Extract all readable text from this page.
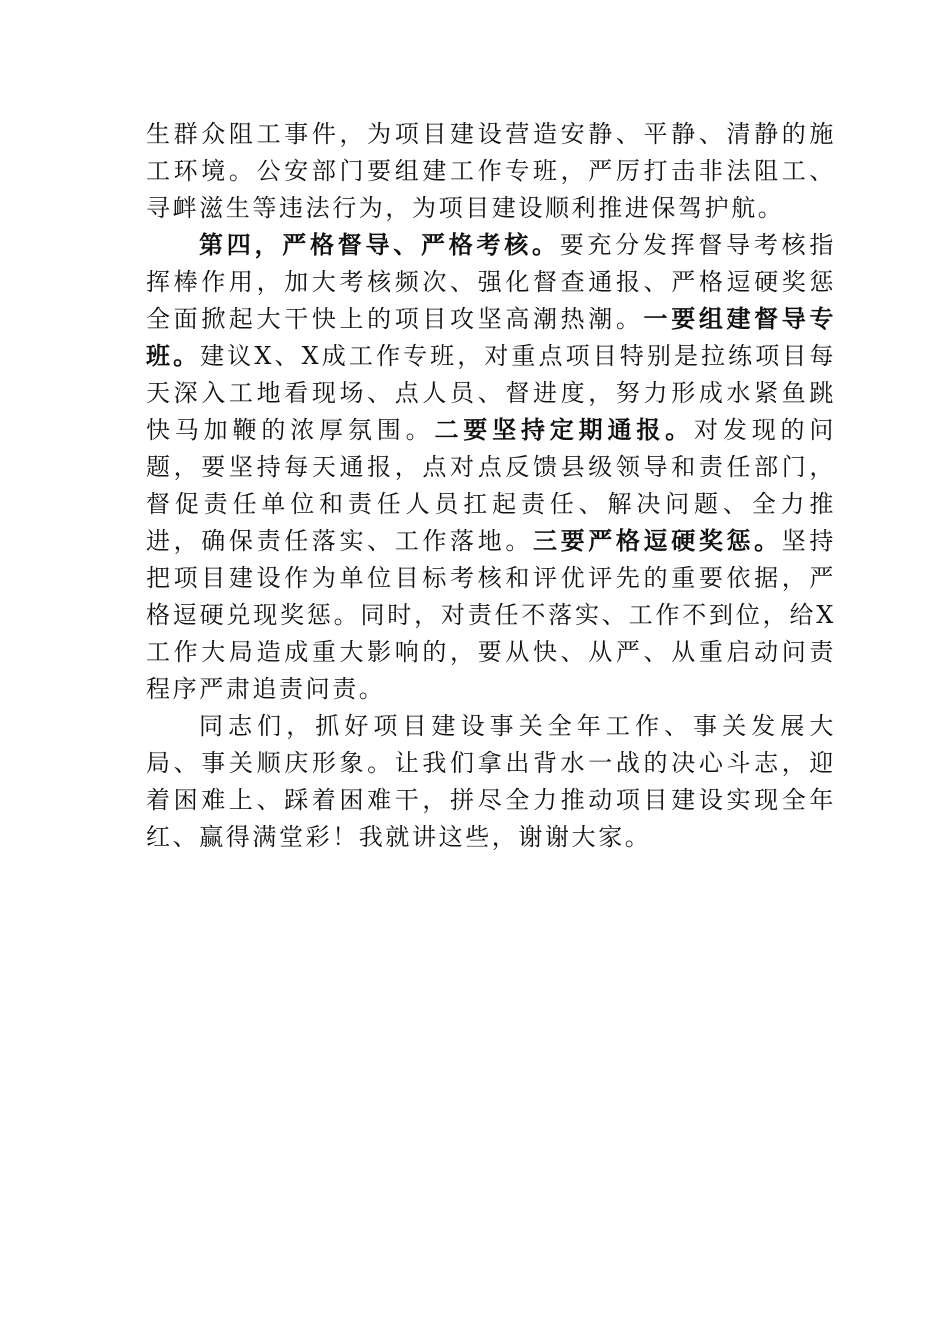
生群众阻工事件，为项目建设营造安静、平静、清静的施工环境。公安部门要组建工作专班，严厉打击非法阻工、寻衅滋生等违法行为，为项目建设顺利推进保驾护航。

第四，严格督导、严格考核。要充分发挥督导考核指挥棒作用，加大考核频次、强化督查通报、严格逗硬奖惩全面掀起大干快上的项目攻坚高潮热潮。一要组建督导专班。建议X、X成工作专班，对重点项目特别是拉练项目每天深入工地看现场、点人员、督进度，努力形成水紧鱼跳快马加鞭的浓厚氛围。二要坚持定期通报。对发现的问题，要坚持每天通报，点对点反馈县级领导和责任部门，督促责任单位和责任人员扛起责任、解决问题、全力推进，确保责任落实、工作落地。三要严格逗硬奖惩。坚持把项目建设作为单位目标考核和评优评先的重要依据，严格逗硬兑现奖惩。同时，对责任不落实、工作不到位，给X工作大局造成重大影响的，要从快、从严、从重启动问责程序严肃追责问责。

同志们，抓好项目建设事关全年工作、事关发展大局、事关顺庆形象。让我们拿出背水一战的决心斗志，迎着困难上、踩着困难干，拼尽全力推动项目建设实现全年红、赢得满堂彩！我就讲这些，谢谢大家。
